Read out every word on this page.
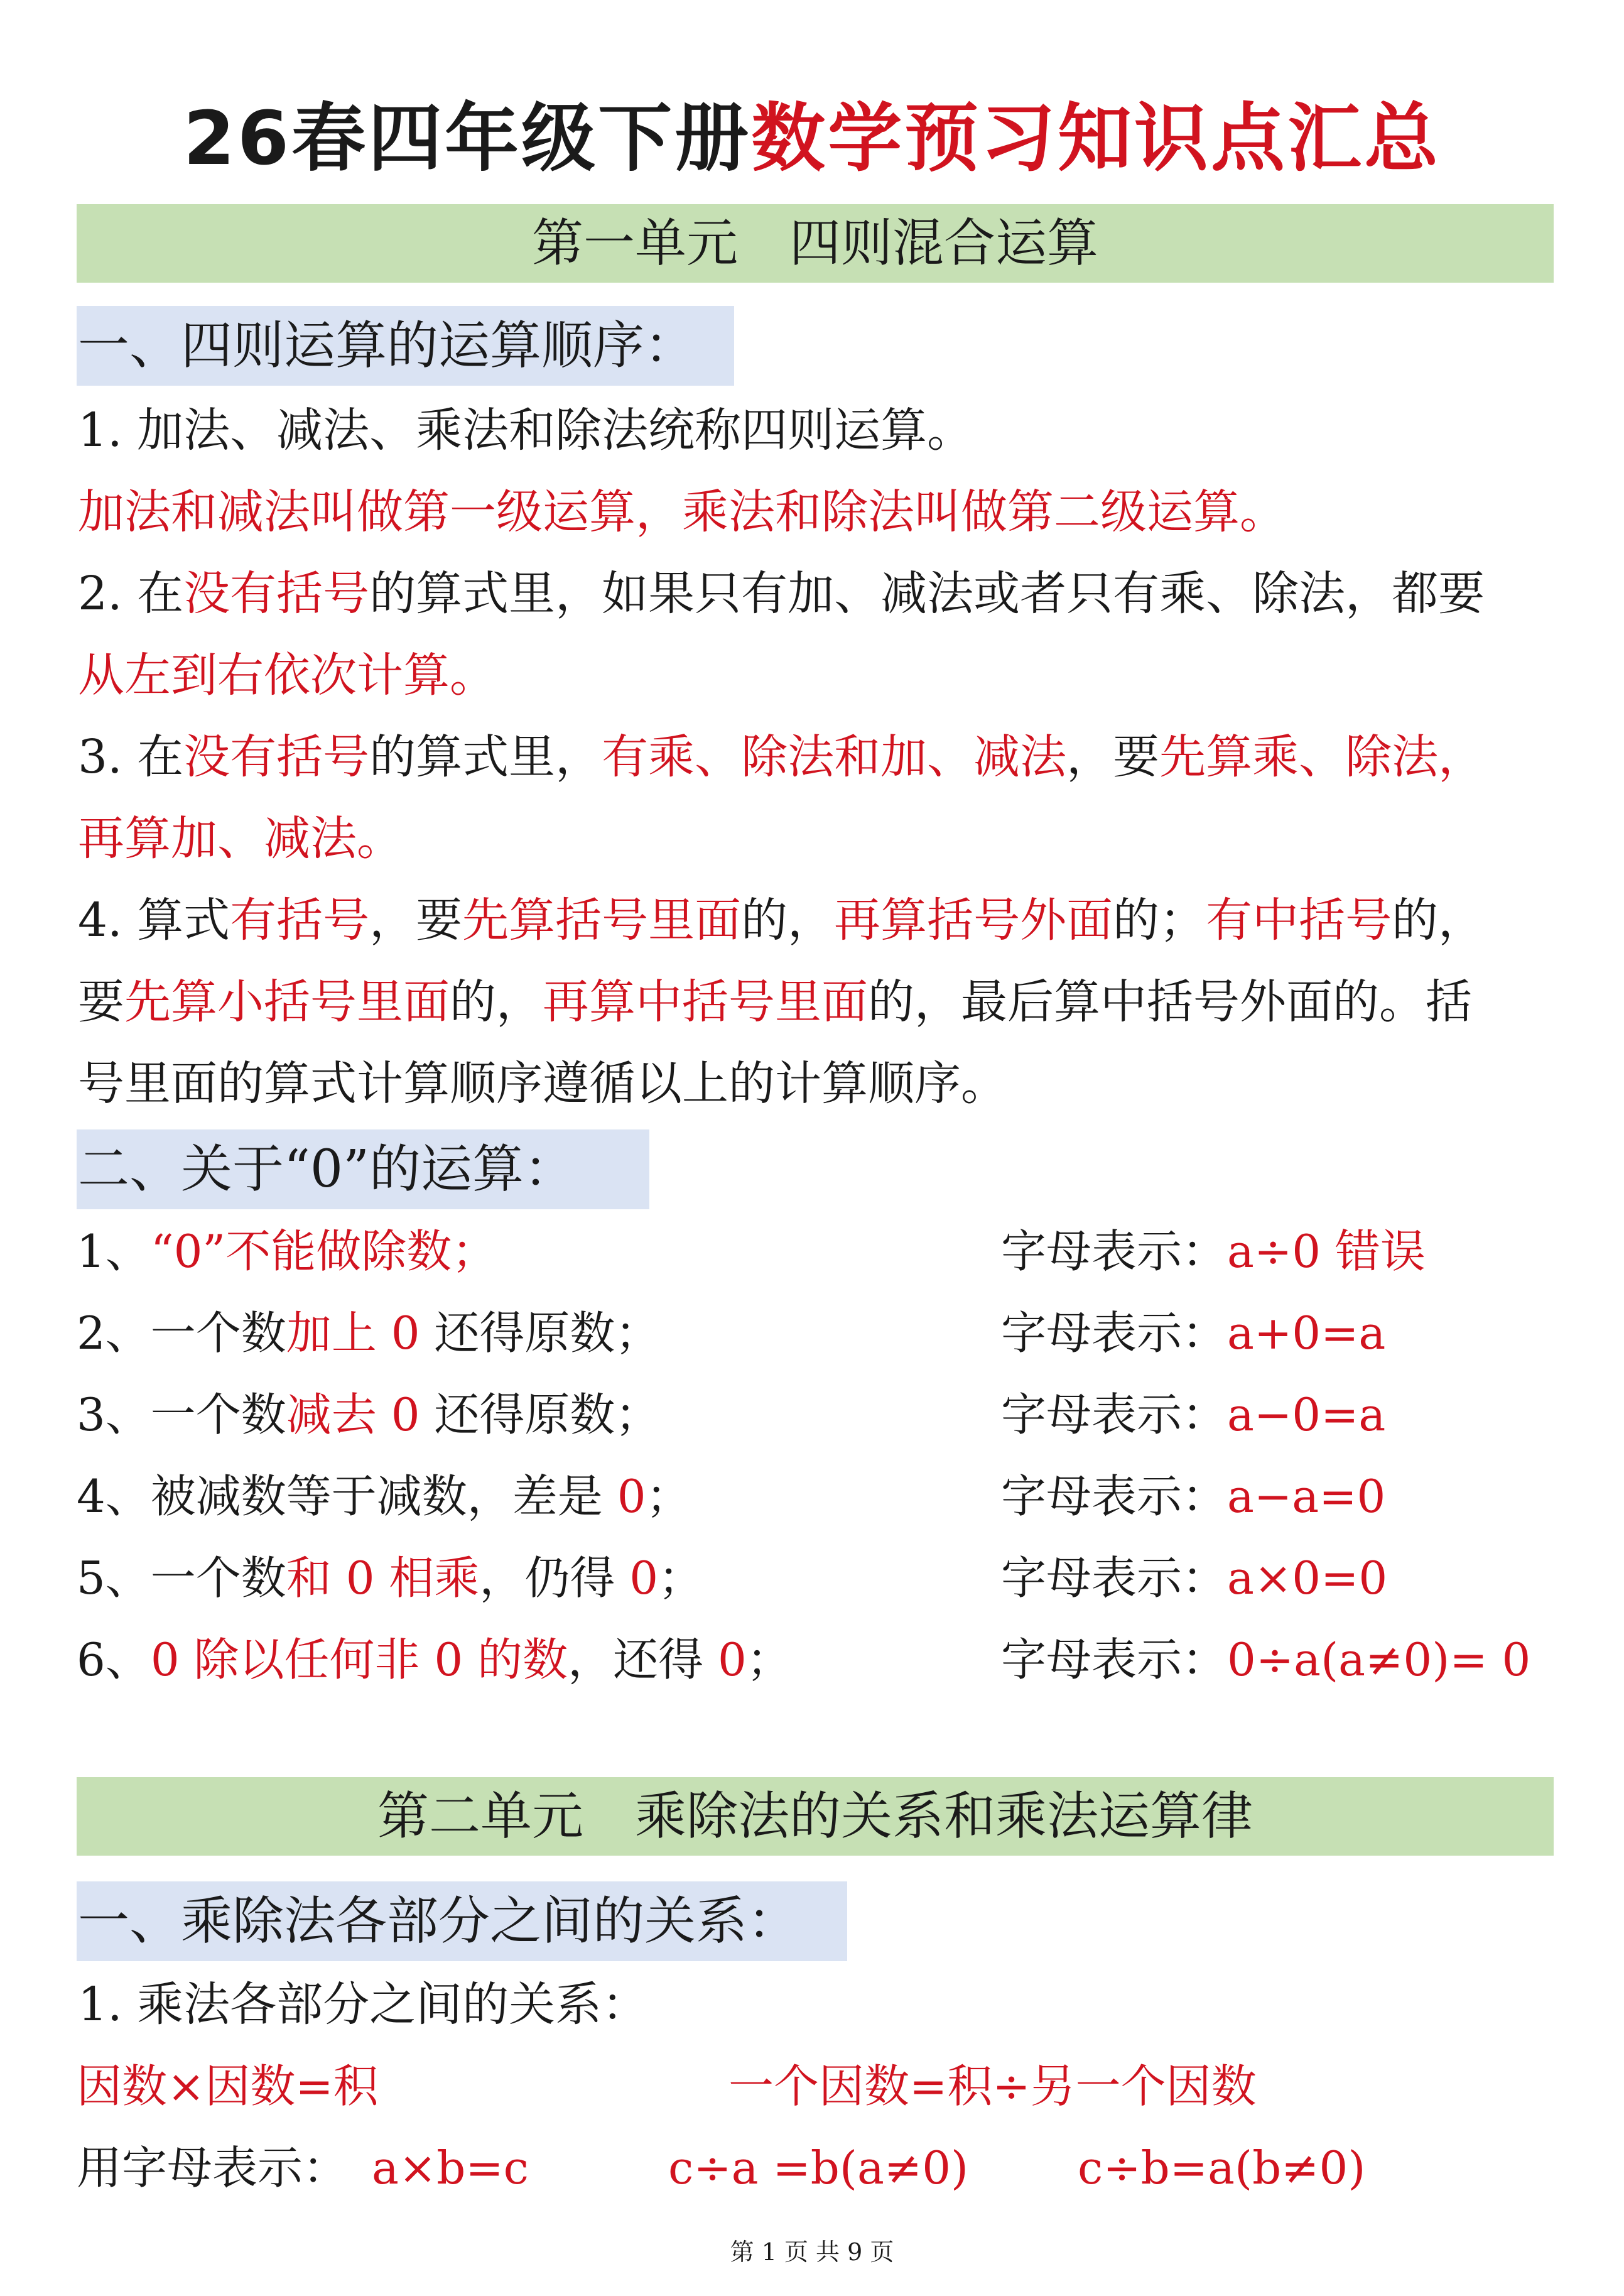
26春四年级下册数学预习知识点汇总
第一单元　四则混合运算
一、四则运算的运算顺序：
1. 加法、减法、乘法和除法统称四则运算。
加法和减法叫做第一级运算，乘法和除法叫做第二级运算。
2. 在没有括号的算式里，如果只有加、减法或者只有乘、除法，都要
从左到右依次计算。
3. 在没有括号的算式里，有乘、除法和加、减法，要先算乘、除法，
再算加、减法。
4. 算式有括号，要先算括号里面的，再算括号外面的；有中括号的，
要先算小括号里面的，再算中括号里面的，最后算中括号外面的。括
号里面的算式计算顺序遵循以上的计算顺序。
二、关于“0”的运算：
1、“0”不能做除数；	字母表示：a÷0 错误
2、一个数加上 0 还得原数；	字母表示：a+0=a
3、一个数减去 0 还得原数；	字母表示：a−0=a
4、被减数等于减数，差是 0；	字母表示：a−a=0
5、一个数和 0 相乘，仍得 0；	字母表示：a×0=0
6、0 除以任何非 0 的数，还得 0；	字母表示：0÷a(a≠0)= 0
第二单元　乘除法的关系和乘法运算律
一、乘除法各部分之间的关系：
1. 乘法各部分之间的关系：
因数×因数=积	一个因数=积÷另一个因数
用字母表示： a×b=c	c÷a =b(a≠0) c÷b=a(b≠0)
第 1 页 共 9 页
